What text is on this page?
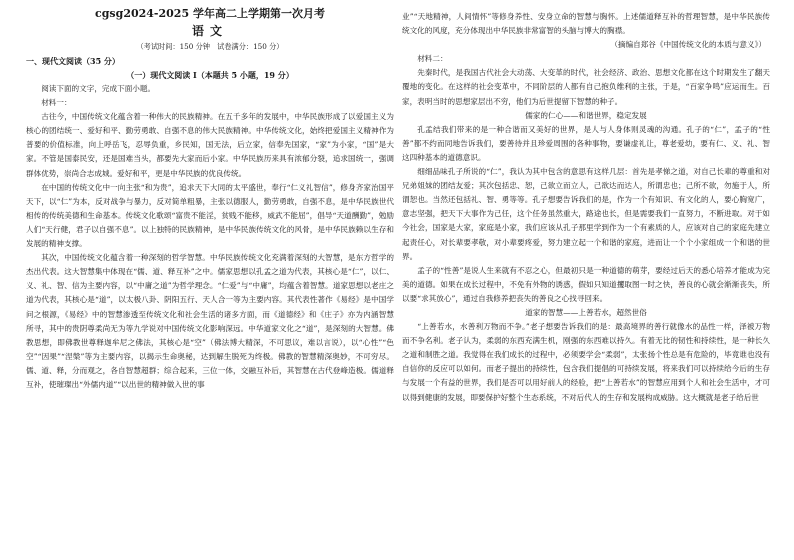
cgsg2024-2025 学年高二上学期第一次月考
语文
（考试时间：150 分钟　试卷满分：150 分）
一、现代文阅读（35 分）
（一）现代文阅读 I（本题共 5 小题，19 分）

阅读下面的文字，完成下面小题。

材料一：

古往今，中国传统文化蕴含着一种伟大的民族精神。在五千多年的发展中，中华民族形成了以爱国主义为核心的团结统一、爱好和平、勤劳勇敢、自强不息的伟大民族精神。中华传统文化，始终把爱国主义精神作为普要的价值标准，向上呼岳飞，忍辱负重，乡民知，国无法，后立家，信奉先国家，“家”为小家，“国”是大家。不管是国泰民安，还是国难当头，都要先大家而后小家。中华民族历来具有浓郁分裂，追求国统一，强调群体优势，崇尚合志成城。爱好和平，更是中华民族的优良传统。

在中国的传统文化中一向主张“和为贵”，追求天下大同的太平盛世，奉行“仁义礼智信”，修身齐家治国平天下，以“仁”为本，反对战争与暴力，反对简单粗暴，主张以德服人，勤劳勇敢，自强不息，是中华民族世代相传的传统美德和生命基本。传统文化歌颂“富贵不能淫，贫贱不能移，威武不能屈”，倡导“天道酬勤”，勉励人们“天行健，君子以自强不息”。以上独特的民族精神，是中华民族传统文化的风骨，是中华民族赖以生存和发展的精神支撑。

其次，中国传统文化蕴含着一种深刻的哲学智慧。中华民族传统文化充满着深刻的大智慧，是东方哲学的杰出代表。这大智慧集中体现在“儒、道、释互补”之中。儒家思想以孔孟之道为代表，其核心是“仁”，以仁、义、礼、智、信为主要内容，以“中庸之道”为哲学理念。“仁爱”与“中庸”，均蕴含着智慧。道家思想以老庄之道为代表，其核心是“道”，以太极八卦、阴阳五行、天人合一等为主要内容。其代表性著作《易经》是中国学问之根源，《易经》中的智慧渗透至传统文化和社会生活的诸多方面，而《道德经》和《庄子》亦为内涵智慧所寻，其中的贵阴尊柔尚无为等九学说对中国传统文化影响深远。中华道家文化之“道”，是深刻的大智慧。佛教思想，即佛教世尊释迦牟尼之佛法，其核心是“空”（佛法博大精深，不可思议，难以言说），以“心性”“色空”“因果”“涅槃”等为主要内容，以揭示生命奥秘，达到解生脱死为终极。佛教的智慧精深奥妙，不可穷尽。儒、道、释，分而观之，各自智慧超群；综合起来，三位一体，交融互补后，其智慧在古代登峰造极。儒道释互补，使璀璨出“外儒内道”“以出世的精神做入世的事

业”“天地精神，人间情怀”等修身养性、安身立命的智慧与胸怀。上述儒道释互补的哲理智慧，是中华民族传统文化的风度，充分体现出中华民族非常富智的头脑与博大的胸襟。

（摘编自郑谷《中国传统文化的本质与意义》）

材料二：

先秦时代，是我国古代社会大动荡、大变革的时代，社会经济、政治、思想文化都在这个时期发生了翻天覆地的变化。在这样的社会变革中，不同阶层的人都有自己抱负维利的主张，于是，“百家争鸣”应运而生。百家，表明当时的思想家层出不穷，他们为后世提留下智慧的种子。

儒家的仁心——和谐世界，稳定发展

孔孟结我们带来的是一种合谐而又美好的世界，是人与人身体则灵魂的沟通。孔子的“仁”，孟子的“性善”都不约而同地告诉我们，要善待并且珍爱周围的各种事物，要谦虚礼让，尊老爱幼，要有仁、义、礼、智这四种基本的道德意识。

细细品味孔子所说的“仁”，我认为其中包含的意思有这样几层：首先是孝悌之道，对自己长辈的尊重和对兄弟姐妹的团结友爱；其次包括忠、恕，己欲立而立人，己欲达而达人，所谓忠也；己所不欲，勿施于人，所谓恕也。当然还包括礼、智、勇等等。孔子想要告诉我们的是，作为一个有知识、有文化的人，要心胸宽广，意志坚强，把天下大事作为己任，这个任务虽然重大，路途也长，但是需要我们一直努力，不断进取。对于如今社会，国家是大家，家庭是小家，我们应该从孔子那里学到作为一个有素质的人，应该对自己的家庭先建立起责任心，对长辈要孝敬，对小辈要疼爱，努力建立起一个和谐的家庭，进而让一个个小家组成一个和谐的世界。

孟子的“性善”是说人生来就有不忍之心，但最初只是一种道德的萌芽，要经过后天的悉心培养才能成为完美的道德。如果在成长过程中，不免有外物的诱惑，假如只知道攫取图一时之快，善良的心就会渐渐丧失，所以要“求其放心”，通过自我修养把丧失的善良之心找寻回来。

道家的智慧——上善若水，超然世俗

“上善若水，水善利万物而不争。”老子想要告诉我们的是：最高境界的善行就像水的品性一样，泽被万物而不争名利。老子认为，柔弱的东西充满生机，刚强的东西难以持久。有着无比的韧性和持续性，是一种长久之道和制胜之道。我觉得在我们成长的过程中，必须要学会“柔弱”，太张扬个性总是有危险的，毕竟谁也没有自信你的反应可以如何。而老子提出的持续性，包含我们提倡的可持续发展，将来我们可以持续给今后的生存与发展一个有益的世界，我们是否可以用好前人的经验，把“上善若水”的智慧应用到个人和社会生活中，才可以得到健康的发展，即要保护好整个生态系统，不对后代人的生存和发展构成威胁。这大概就是老子给后世
